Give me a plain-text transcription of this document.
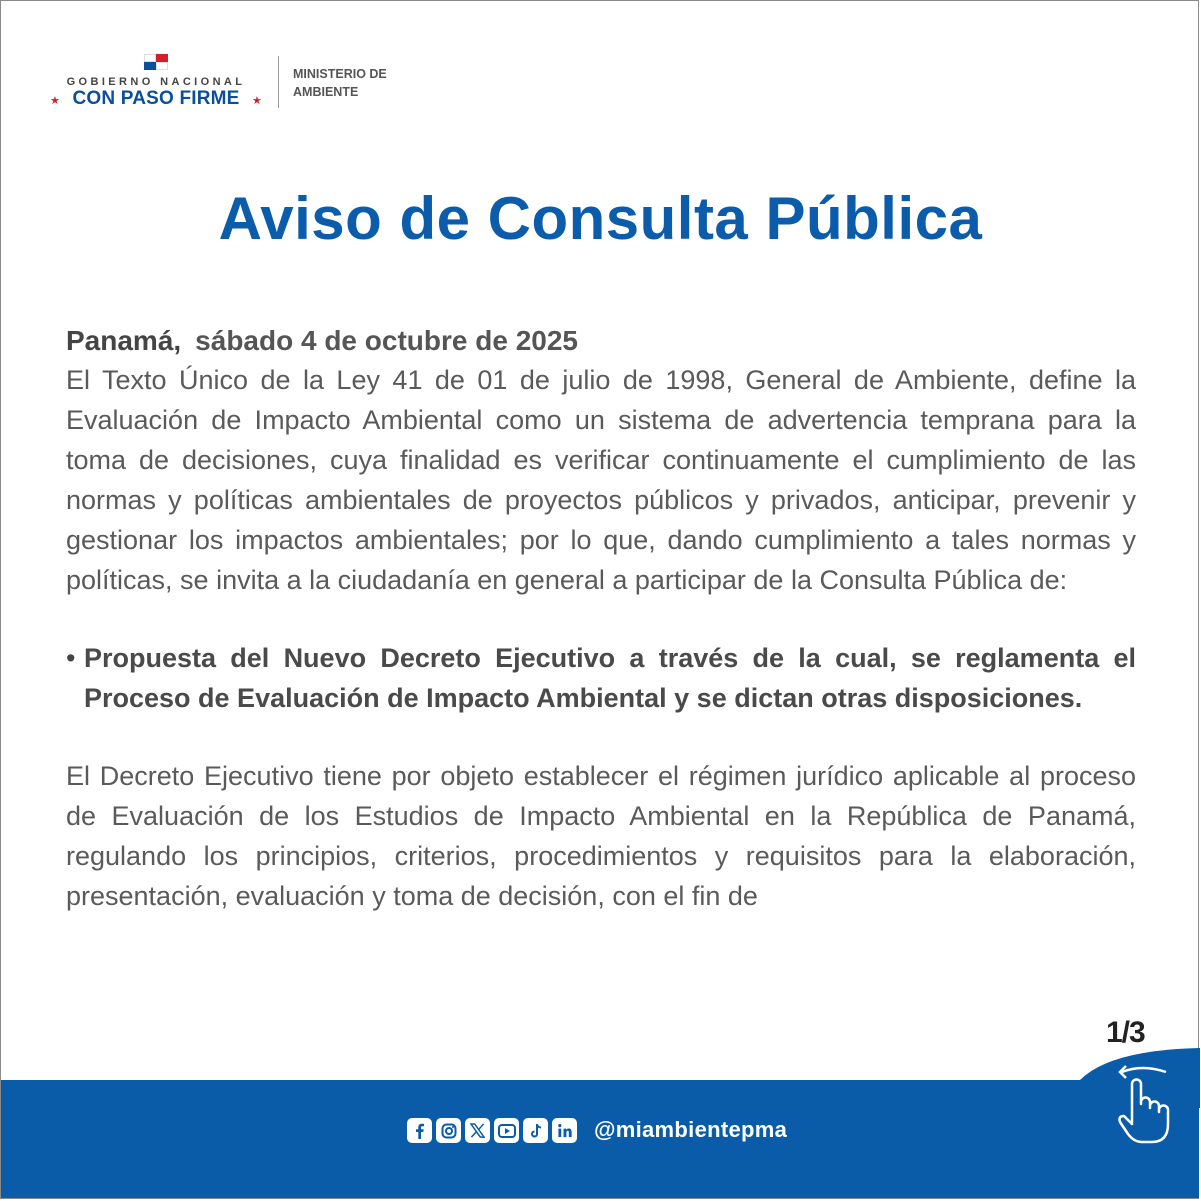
GOBIERNO NACIONAL
★ CON PASO FIRME	★
MINISTERIO DE
AMBIENTE
Aviso de Consulta Pública
Panamá, sábado 4 de octubre de 2025

El Texto Único de la Ley 41 de 01 de julio de 1998, General de Ambiente, define la Evaluación de Impacto Ambiental como un sistema de advertencia temprana para la toma de decisiones, cuya finalidad es verificar continuamente el cumplimiento de las normas y políticas ambientales de proyectos públicos y privados, anticipar, prevenir y gestionar los impactos ambientales; por lo que, dando cumplimiento a tales normas y políticas, se invita a la ciudadanía en general a participar de la Consulta Pública de:

• Propuesta del Nuevo Decreto Ejecutivo a través de la cual, se reglamenta el Proceso de Evaluación de Impacto Ambiental y se dictan otras disposiciones.

El Decreto Ejecutivo tiene por objeto establecer el régimen jurídico aplicable al proceso de Evaluación de los Estudios de Impacto Ambiental en la República de Panamá, regulando los principios, criterios, procedimientos y requisitos para la elaboración, presentación, evaluación y toma de decisión, con el fin de

1/3
@miambientepma
